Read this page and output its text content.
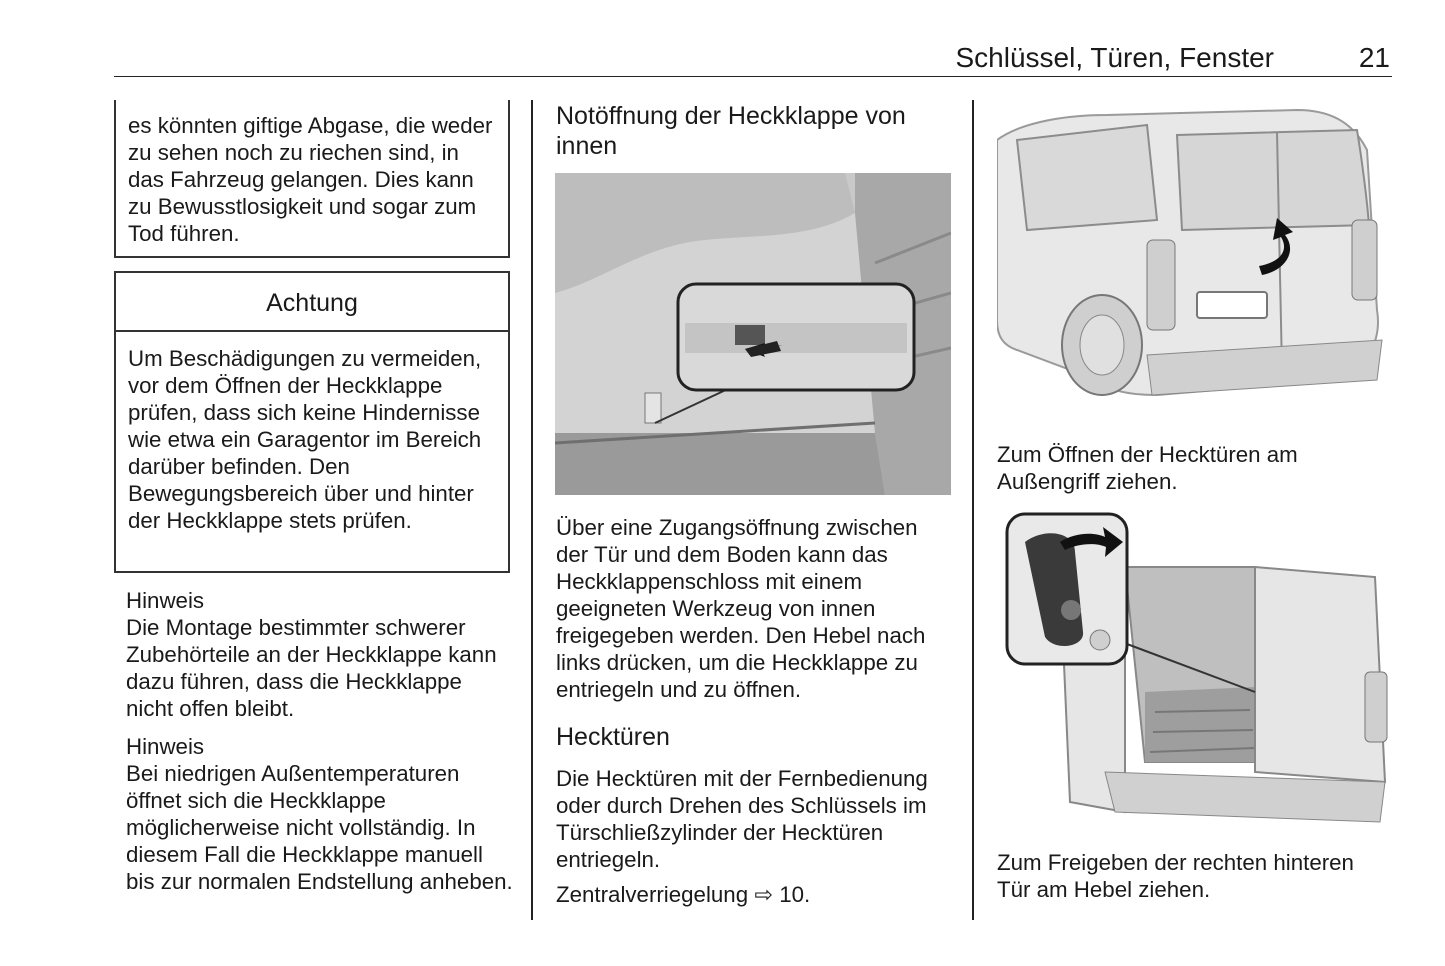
Schlüssel, Türen, Fenster	21

es könnten giftige Abgase, die weder zu sehen noch zu riechen sind, in das Fahrzeug gelangen. Dies kann zu Bewusstlosigkeit und sogar zum Tod führen.

Achtung

Um Beschädigungen zu vermeiden, vor dem Öffnen der Heckklappe prüfen, dass sich keine Hindernisse wie etwa ein Garagentor im Bereich darüber befinden. Den Bewegungsbereich über und hinter der Heckklappe stets prüfen.

Hinweis

Die Montage bestimmter schwerer Zubehörteile an der Heckklappe kann dazu führen, dass die Heckklappe nicht offen bleibt.

Hinweis

Bei niedrigen Außentemperaturen öffnet sich die Heckklappe möglicherweise nicht vollständig. In diesem Fall die Heckklappe manuell bis zur normalen Endstellung anheben.

Notöffnung der Heckklappe von innen

Über eine Zugangsöffnung zwischen der Tür und dem Boden kann das Heckklappenschloss mit einem geeigneten Werkzeug von innen freigegeben werden. Den Hebel nach links drücken, um die Heckklappe zu entriegeln und zu öffnen.

Hecktüren

Die Hecktüren mit der Fernbedienung oder durch Drehen des Schlüssels im Türschließzylinder der Hecktüren entriegeln.

Zentralverriegelung ⇨ 10.

Zum Öffnen der Hecktüren am Außengriff ziehen.

Zum Freigeben der rechten hinteren Tür am Hebel ziehen.
